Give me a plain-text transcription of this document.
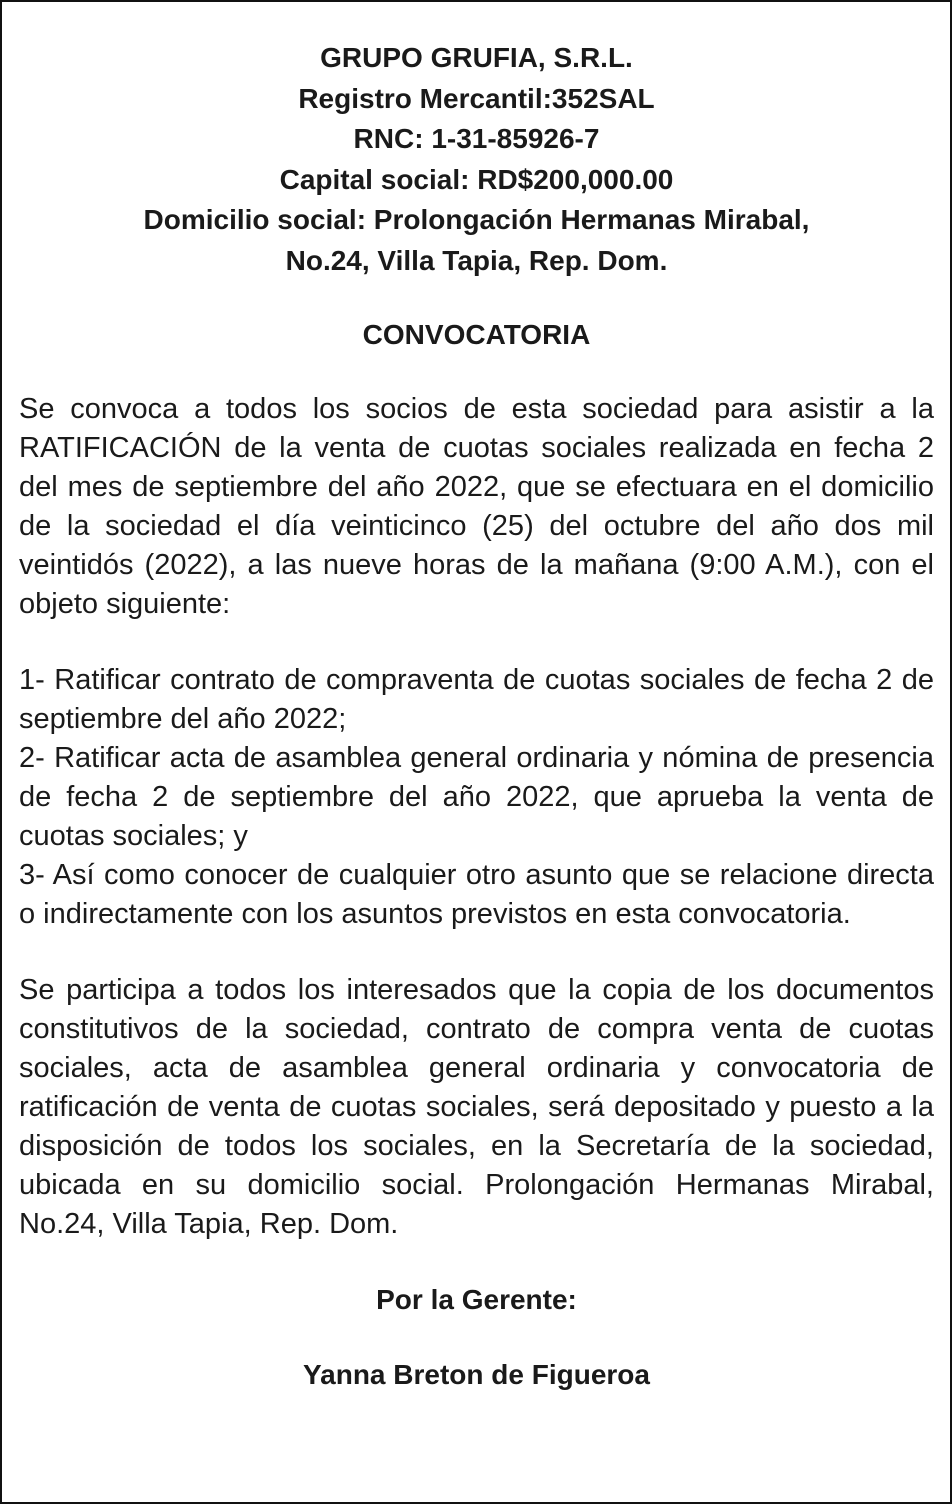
GRUPO GRUFIA, S.R.L.
Registro Mercantil:352SAL
RNC: 1-31-85926-7
Capital social: RD$200,000.00
Domicilio social: Prolongación Hermanas Mirabal,
No.24, Villa Tapia, Rep. Dom.
CONVOCATORIA
Se convoca a todos los socios de esta sociedad para asistir a la RATIFICACIÓN de la venta de cuotas sociales realizada en fecha 2 del mes de septiembre del año 2022, que se efectuara en el domicilio de la sociedad el día veinticinco (25) del octubre del año dos mil veintidós (2022), a las nueve horas de la mañana (9:00 A.M.), con el objeto siguiente:
1- Ratificar contrato de compraventa de cuotas sociales de fecha 2 de septiembre del año 2022;
2- Ratificar acta de asamblea general ordinaria y nómina de presencia de fecha 2 de septiembre del año 2022, que aprueba la venta de cuotas sociales; y
3- Así como conocer de cualquier otro asunto que se relacione directa o indirectamente con los asuntos previstos en esta convocatoria.
Se participa a todos los interesados que la copia de los documentos constitutivos de la sociedad, contrato de compra venta de cuotas sociales, acta de asamblea general ordinaria y convocatoria de ratificación de venta de cuotas sociales, será depositado y puesto a la disposición de todos los sociales, en la Secretaría de la sociedad, ubicada en su domicilio social. Prolongación Hermanas Mirabal, No.24, Villa Tapia, Rep. Dom.
Por la Gerente:
Yanna Breton de Figueroa
